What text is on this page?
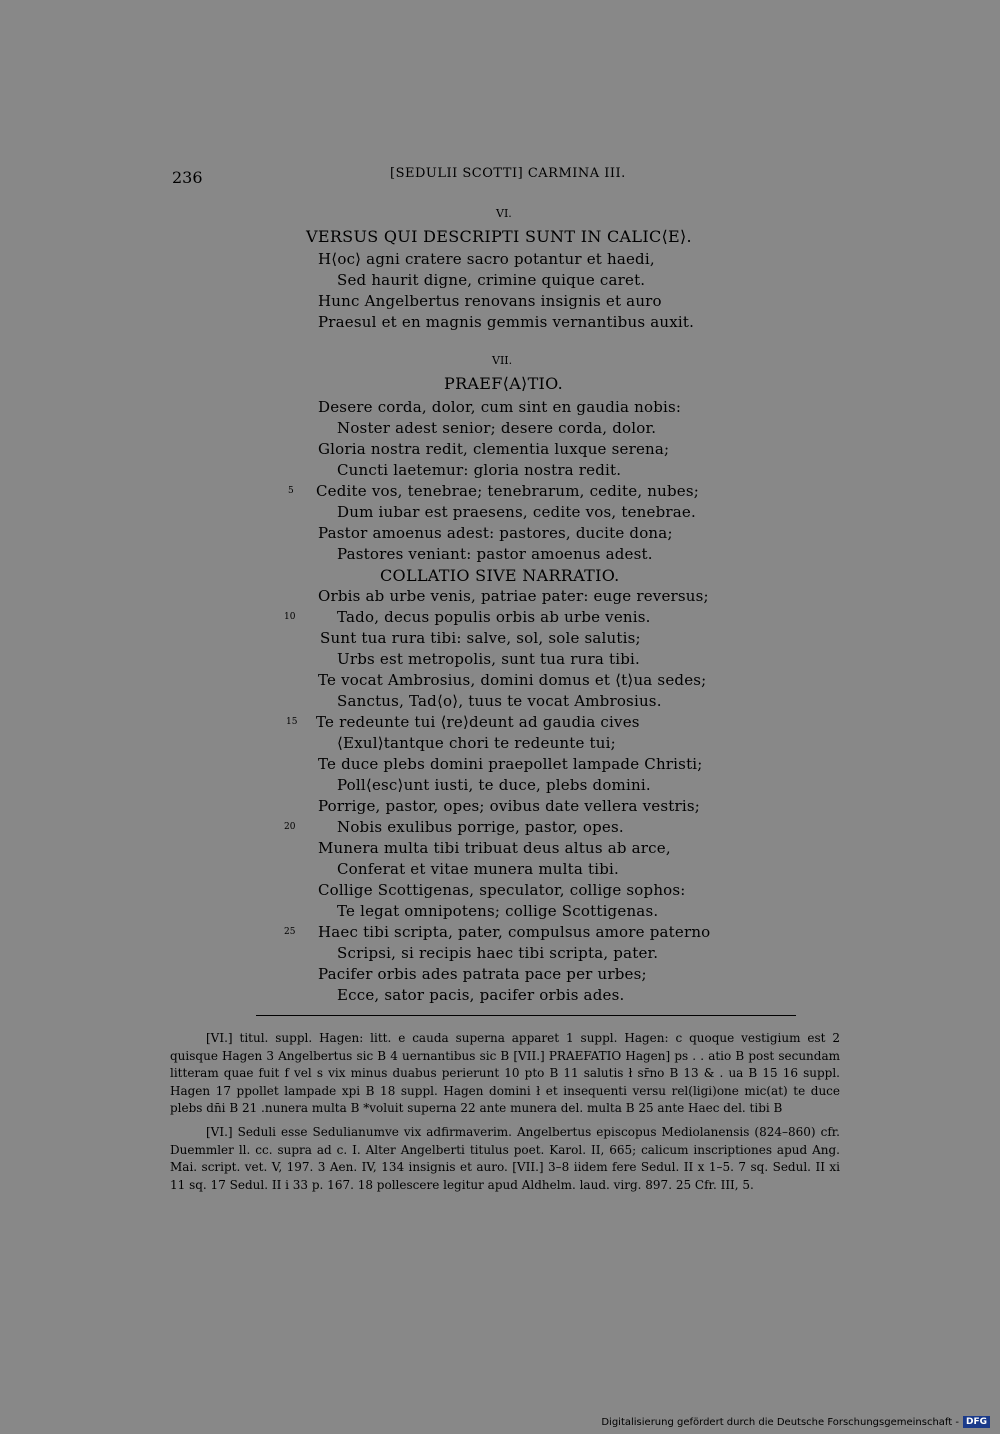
236	[SEDULII SCOTTI] CARMINA III.
VI.
VERSUS QUI DESCRIPTI SUNT IN CALIC⟨E⟩.
H⟨oc⟩ agni cratere sacro potantur et haedi,
Sed haurit digne, crimine quique caret.
Hunc Angelbertus renovans insignis et auro
Praesul et en magnis gemmis vernantibus auxit.
VII.
PRAEF⟨A⟩TIO.
Desere corda, dolor, cum sint en gaudia nobis:
Noster adest senior; desere corda, dolor.
Gloria nostra redit, clementia luxque serena;
Cuncti laetemur: gloria nostra redit.
5 Cedite vos, tenebrae; tenebrarum, cedite, nubes;
Dum iubar est praesens, cedite vos, tenebrae.
Pastor amoenus adest: pastores, ducite dona;
Pastores veniant: pastor amoenus adest.
COLLATIO SIVE NARRATIO.
Orbis ab urbe venis, patriae pater: euge reversus;
10	Tado, decus populis orbis ab urbe venis.
Sunt tua rura tibi: salve, sol, sole salutis;
Urbs est metropolis, sunt tua rura tibi.
Te vocat Ambrosius, domini domus et ⟨t⟩ua sedes;
Sanctus, Tad⟨o⟩, tuus te vocat Ambrosius.
15 Te redeunte tui ⟨re⟩deunt ad gaudia cives
⟨Exul⟩tantque chori te redeunte tui;
Te duce plebs domini praepollet lampade Christi;
Poll⟨esc⟩unt iusti, te duce, plebs domini.
Porrige, pastor, opes; ovibus date vellera vestris;
20	Nobis exulibus porrige, pastor, opes.
Munera multa tibi tribuat deus altus ab arce,
Conferat et vitae munera multa tibi.
Collige Scottigenas, speculator, collige sophos:
Te legat omnipotens; collige Scottigenas.
25 Haec tibi scripta, pater, compulsus amore paterno
Scripsi, si recipis haec tibi scripta, pater.
Pacifer orbis ades patrata pace per urbes;
Ecce, sator pacis, pacifer orbis ades.

[VI.] titul. suppl. Hagen: litt. e cauda superna apparet 1 suppl. Hagen: c quoque vestigium est 2 quisque Hagen 3 Angelbertus sic B 4 uernantibus sic B [VII.] PRAEFATIO Hagen] ps . . atio B post secundam litteram quae fuit f vel s vix minus duabus perierunt 10 pto B 11 salutis ł sr̄no B 13 & . ua B 15 16 suppl. Hagen 17 ppollet lampade xpi B 18 suppl. Hagen domini ł et insequenti versu rel(ligi)one mic(at) te duce plebs dn̄i B 21 .nunera multa B *voluit superna 22 ante munera del. multa B 25 ante Haec del. tibi B

[VI.] Seduli esse Sedulianumve vix adfirmaverim. Angelbertus episcopus Mediolanensis (824–860) cfr. Duemmler ll. cc. supra ad c. I. Alter Angelberti titulus poet. Karol. II, 665; calicum inscriptiones apud Ang. Mai. script. vet. V, 197. 3 Aen. IV, 134 insignis et auro. [VII.] 3–8 iidem fere Sedul. II x 1–5. 7 sq. Sedul. II xi 11 sq. 17 Sedul. II i 33 p. 167. 18 pollescere legitur apud Aldhelm. laud. virg. 897. 25 Cfr. III, 5.

Digitalisierung gefördert durch die Deutsche Forschungsgemeinschaft - DFG
